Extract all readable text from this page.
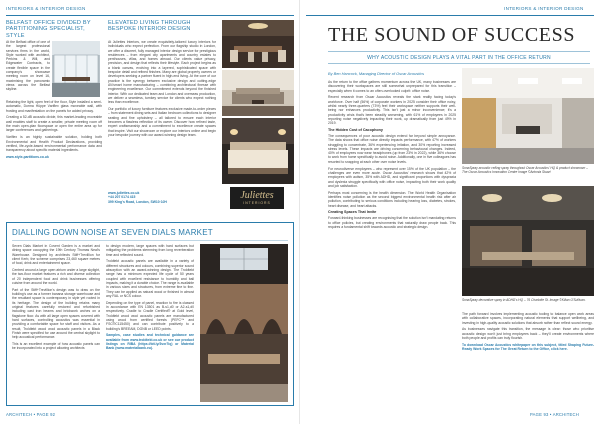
INTERIORS & INTERIOR DESIGN
BELFAST OFFICE DIVIDED BY PARTITIONING SPECIALIST, STYLE

At the Belfast office of one of the largest professional services firms in the world, Style worked with architect, Perkins & Will, and Edgewater Contracts, to create flexible space in the company's showcase meeting room on level 16, maximising the panoramic views across the Belfast skyline.

Retaining the light, open feel of the floor, Style installed a semi-automatic, Dorma Hüppe Variflex glass moveable wall, with frosting and manifestation on the panels for added privacy.

Creating a 52-dB acoustic divide, this market-leading moveable wall enables staff to create a smaller, private meeting room off the main open-plan floorspace or open the entire area up for larger conferences and gatherings.

Variflex is an highly sustainable solution, holding both Environmental and Health Product Declarations, providing verified, life-cycle-based environmental performance data and transparency about specific material ingredients.

www.style-partitions.co.uk

ELEVATED LIVING THROUGH BESPOKE INTERIOR DESIGN

At Juliettes Interiors, we create exquisitely-tailored luxury interiors for individuals who expect perfection. From our flagship studio in London, we offer a discreet, fully managed interior design service for prestigious residences – from elegant city apartments and country estates to penthouses, villas, and homes abroad. Our clients value privacy, precision, and design that reflects their lifestyle. Each project begins as a blank canvas, evolving into a layered, sophisticated space with bespoke detail and refined finishes. Many are global property owners or developers seeking a partner fluent in high-end living. At the core of our practice is the synergy between exclusive design and cutting-edge AV/smart home manufacturing – combining architectural finesse with engineering excellence. Our commitment extends beyond the finished interior. With our dedicated team and London and overseas production, we deliver a seamless, turnkey service for clients who expect nothing less than excellence.

Our portfolio of luxury furniture features exclusive made-to-order pieces – from statement dining sets and Italian bedroom collections to designer seating and fine upholstery – all tailored to ensure each interior becomes a flawless reflection of its owner. Discover how refined taste, expert craftsmanship and a commitment to excellence create spaces that inspire. Visit our showroom or explore our interiors online and begin your bespoke journey with our award-winning design team.

www.juliettes.co.uk
+44 207 0174 415
399 King's Road, London, SW10 0JH
Juliettes
INTERIORS
DIALLING DOWN NOISE AT SEVEN DIALS MARKET

Seven Dials Market in Covent Garden is a market and dining space occupying the 19th Century Thomas Neal's Warehouse. Designed by architects Stiff+Trevillion for client Kerb, the scheme comprises 23,460 square metres of food, drink and entertainment space.

Centred around a large open atrium under a large skylight, the two-floor market features a rich and diverse collection of 20 independent food and drink businesses offering cuisine from around the world.

Part of the Stiff+Trevillion's design was to draw on the building's use as a former banana storage warehouse and the resultant space is contemporary in style yet rooted in its heritage. The design of the building retains many original features carefully restored and refurbished including cast iron beams and brickwork arches on a flagstone floor. As with all large open spaces covered with hard surfaces, controlling acoustics was essential in providing a comfortable space for staff and visitors. As a result, Troldtekt wood wool acoustic panels in a Black Finish were specified for use around the central skylight to help acoustical performance.

This is an excellent example of how acoustic panels can be incorporated into a project allowing architects

to design modern, large spaces with hard surfaces but mitigating the problems stemming from long reverberation time and reflected sound.

Troldtekt acoustic panels are available in a variety of different structures and colours, combining superior sound absorption with an award-winning design. The Troldtekt range has a minimum expected life cycle of 50 years coupled with excellent resistance to humidity and ball impacts, making it a durable choice. The range is available in various sizes and structures, from extreme fine to fine. They can be applied as natural wood or finished in almost any RAL or NCS colour.

Depending on the type of panel, reaction to fire is classed in accordance with EN 13501 as B-s1,d0 or A2-s1,d0 respectively. Cradle to Cradle Certified® at Gold level, Troldtekt wood wool acoustic panels are manufactured using wood from certified forests (PEFC™ and FSC®C115450) and can contribute positively to a building's BREEAM, DGNB or LEED points.

Samples, case studies and technical guidance are available from www.troldtekt.co.uk or see our product listings on RIBA (https://bit.ly/3vxr7iq) or Material Bank (www.materialbank.eu).

ARCHITECH • PAGE 92
INTERIORS & INTERIOR DESIGN
THE SOUND OF SUCCESS
WHY ACOUSTIC DESIGN PLAYS A VITAL PART IN THE OFFICE RETURN
By Ben Hancock, Managing Director of Oscar Acoustics

As the return to the office gathers momentum across the UK, many businesses are discovering their workspaces are still somewhat unprepared for this transition – especially when it comes to an often-overlooked culprit: office noise.

Recent research from Oscar Acoustics reveals the stark reality facing today's workforce. Over half (56%) of corporate workers in 2025 consider their office noisy, whilst nearly three-quarters (73%) feel their workspace neither supports their well-being nor enhances productivity. This isn't just a minor inconvenience; it's a productivity crisis that's been steadily worsening, with 61% of employees in 2025 reporting noise negatively impacting their work, up dramatically from just 49% in 2019.

The Hidden Cost of Cacophony

The consequences of poor acoustic design extend far beyond simple annoyance. The data shows that office noise directly impacts performance, with 47% of workers struggling to concentrate, 36% experiencing irritation, and 30% reporting increased stress levels. These impacts are driving concerning behavioural changes. Indeed, 40% of employees now wear headphones (up from 23% in 2022), while 36% choose to work from home specifically to avoid noise. Additionally, one in five colleagues has resorted to snapping at each other over noise levels.

For neurodiverse employees – who represent over 15% of the UK population – the challenges are even more acute. Oscar Acoustics' research shows that 42% of employees with autism, 35% with ADHD, and significant proportions with dyspraxia and dyslexia struggle specifically with office noise, impacting both their work quality and job satisfaction.

Perhaps most concerning is the health dimension. The World Health Organisation identifies noise pollution as the second biggest environmental health risk after air pollution, contributing to serious conditions including hearing loss, diabetes, strokes, heart disease, and heart attacks.

Creating Spaces That Invite

Forward-thinking businesses are recognising that the solution isn't mandating returns to office policies, but creating environments that naturally draw people back. This requires a fundamental shift towards acoustic and strategic design.

SonaSpray acoustic ceiling spray throughout Oscar Acoustics' HQ & product showroom – The Oscar Acoustics Innovation Centre Image ©Antonia Stuart
SonaSpray decorative spray in ADHD's HQ – 76 Charlotte St. Image ©Kilian O'Sullivan.

The path forward involves implementing acoustic tooling to balance open work areas with collaborative spaces, incorporating natural elements that support wellbeing, and investing in high-quality acoustic solutions that absorb rather than reflect sound energy.

As businesses navigate this transition, the message is clear: those who prioritise acoustic design won't just bring employees back – they'll create environments where both people and profits can truly flourish.

To download Oscar Acoustics whitepaper on this subject, titled Shaping Future-Ready Work Spaces for The Great Return to the Office, click here.

PAGE 93 • ARCHITECH
